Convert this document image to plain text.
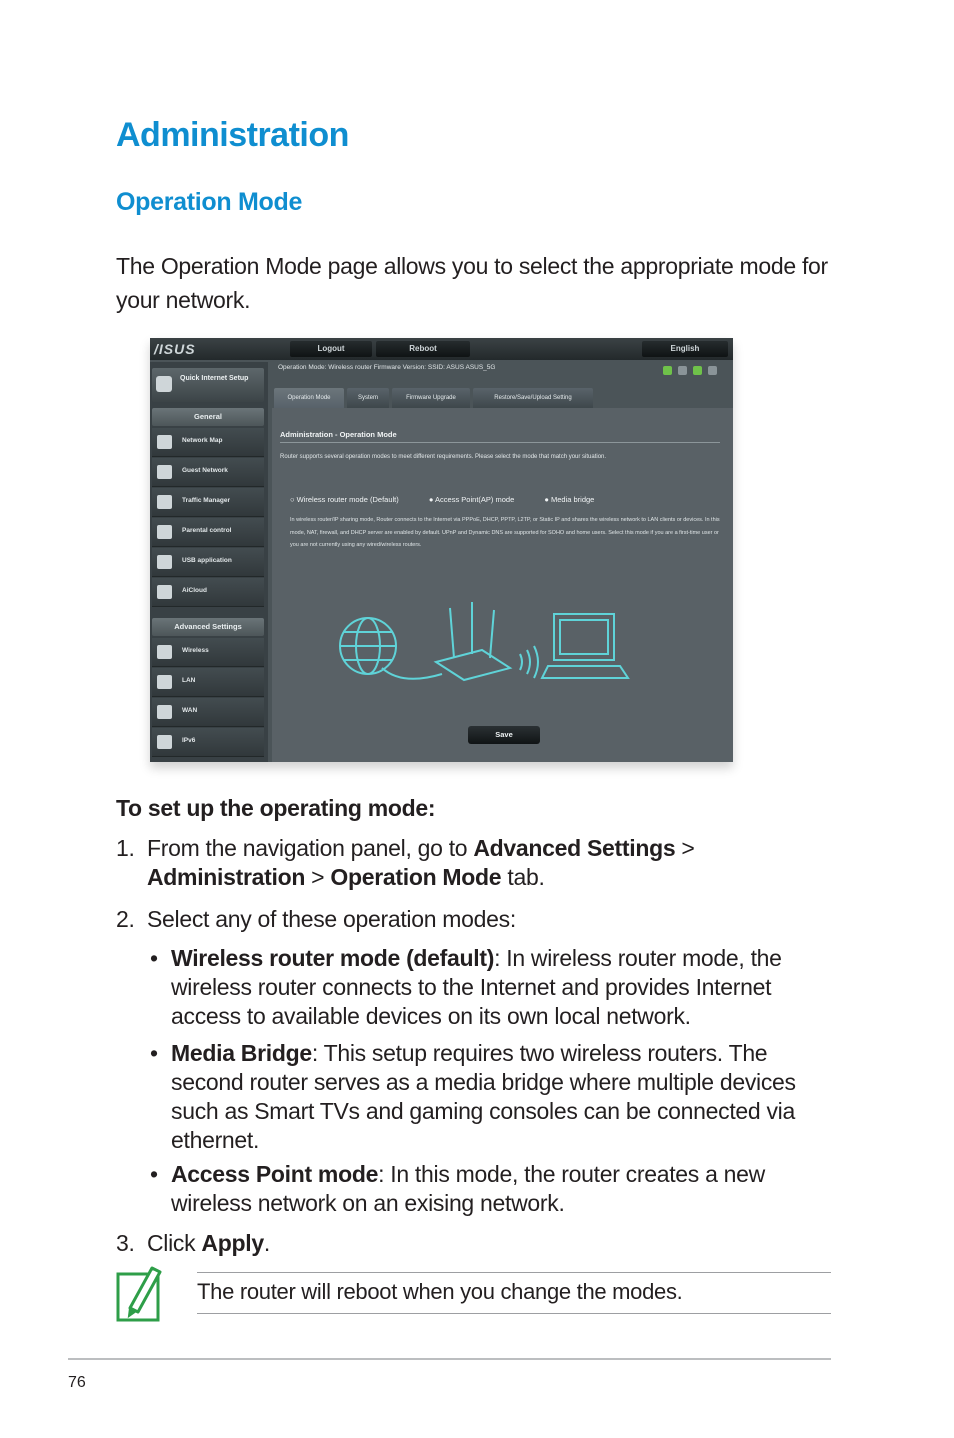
Administration
Operation Mode

The Operation Mode page allows you to select the appropriate mode for your network.

/ISUS	Logout	Reboot	English
Quick Internet Setup
General
Network Map
Guest Network
Traffic Manager
Parental control
USB application
AiCloud
Advanced Settings
Wireless
LAN
WAN
IPv6
Operation Mode: Wireless router Firmware Version: SSID: ASUS ASUS_5G
Operation Mode	System	Firmware Upgrade	Restore/Save/Upload Setting
Administration - Operation Mode
Router supports several operation modes to meet different requirements. Please select the mode that match your situation.
○ Wireless router mode (Default)	● Access Point(AP) mode	● Media bridge
In wireless router/IP sharing mode, Router connects to the Internet via PPPoE, DHCP, PPTP, L2TP, or Static IP and shares the wireless network to LAN clients or devices. In this mode, NAT, firewall, and DHCP server are enabled by default. UPnP and Dynamic DNS are supported for SOHO and home users. Select this mode if you are a first-time user or you are not currently using any wired/wireless routers.
Save
To set up the operating mode:
1. From the navigation panel, go to Advanced Settings > Administration > Operation Mode tab.
2. Select any of these operation modes:
• Wireless router mode (default): In wireless router mode, the wireless router connects to the Internet and provides Internet access to available devices on its own local network.
• Media Bridge: This setup requires two wireless routers. The second router serves as a media bridge where multiple devices such as Smart TVs and gaming consoles can be connected via ethernet.
• Access Point mode: In this mode, the router creates a new wireless network on an exising network.
3. Click Apply.
The router will reboot when you change the modes.
76
